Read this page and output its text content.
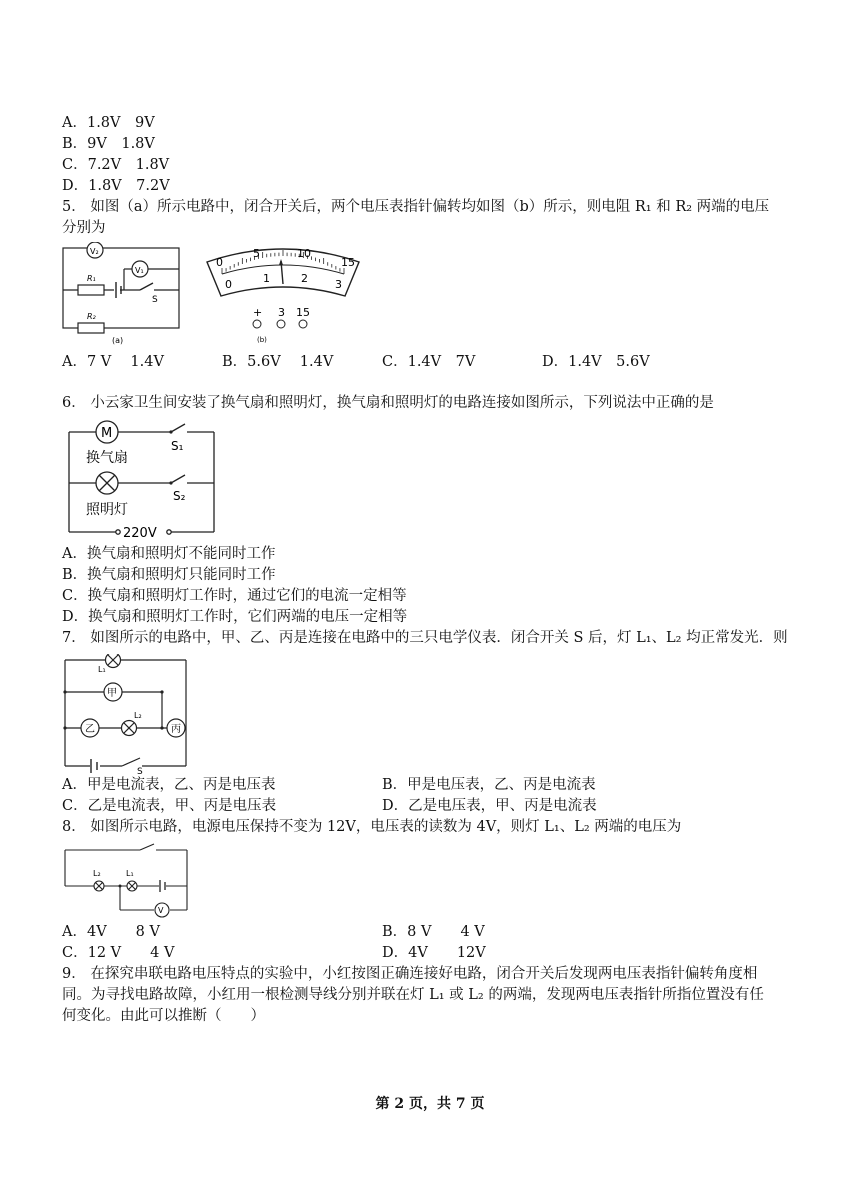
A．1.8V　9V
B．9V　1.8V
C．7.2V　1.8V
D．1.8V　7.2V
5． 如图（a）所示电路中，闭合开关后，两个电压表指针偏转均如图（b）所示，则电阻 R₁ 和 R₂ 两端的电压
分别为
V₂
V₁
R₁
R₂
S
(a)
0
5	10
15
0	1	2 3
+ 3 15
(b)
A．7 V　 1.4V	B．5.6V　 1.4V	C．1.4V　7V	D．1.4V　5.6V
6． 小云家卫生间安装了换气扇和照明灯，换气扇和照明灯的电路连接如图所示，下列说法中正确的是
M
换气扇
照明灯
S₁
S₂
220V
A．换气扇和照明灯不能同时工作
B．换气扇和照明灯只能同时工作
C．换气扇和照明灯工作时，通过它们的电流一定相等
D．换气扇和照明灯工作时，它们两端的电压一定相等
7． 如图所示的电路中，甲、乙、丙是连接在电路中的三只电学仪表．闭合开关 S 后，灯 L₁、L₂ 均正常发光．则
L₁
甲
乙
L₂
丙
S
A．甲是电流表，乙、丙是电压表	B．甲是电压表，乙、丙是电流表
C．乙是电流表，甲、丙是电压表	D．乙是电压表，甲、丙是电流表
8． 如图所示电路，电源电压保持不变为 12V，电压表的读数为 4V，则灯 L₁、L₂ 两端的电压为
L₂	L₁
V
A．4V　　8 V	B．8 V　　4 V
C．12 V　　4 V	D．4V　　12V
9． 在探究串联电路电压特点的实验中，小红按图正确连接好电路，闭合开关后发现两电压表指针偏转角度相
同。为寻找电路故障，小红用一根检测导线分别并联在灯 L₁ 或 L₂ 的两端，发现两电压表指针所指位置没有任
何变化。由此可以推断（　　）
第 2 页，共 7 页
